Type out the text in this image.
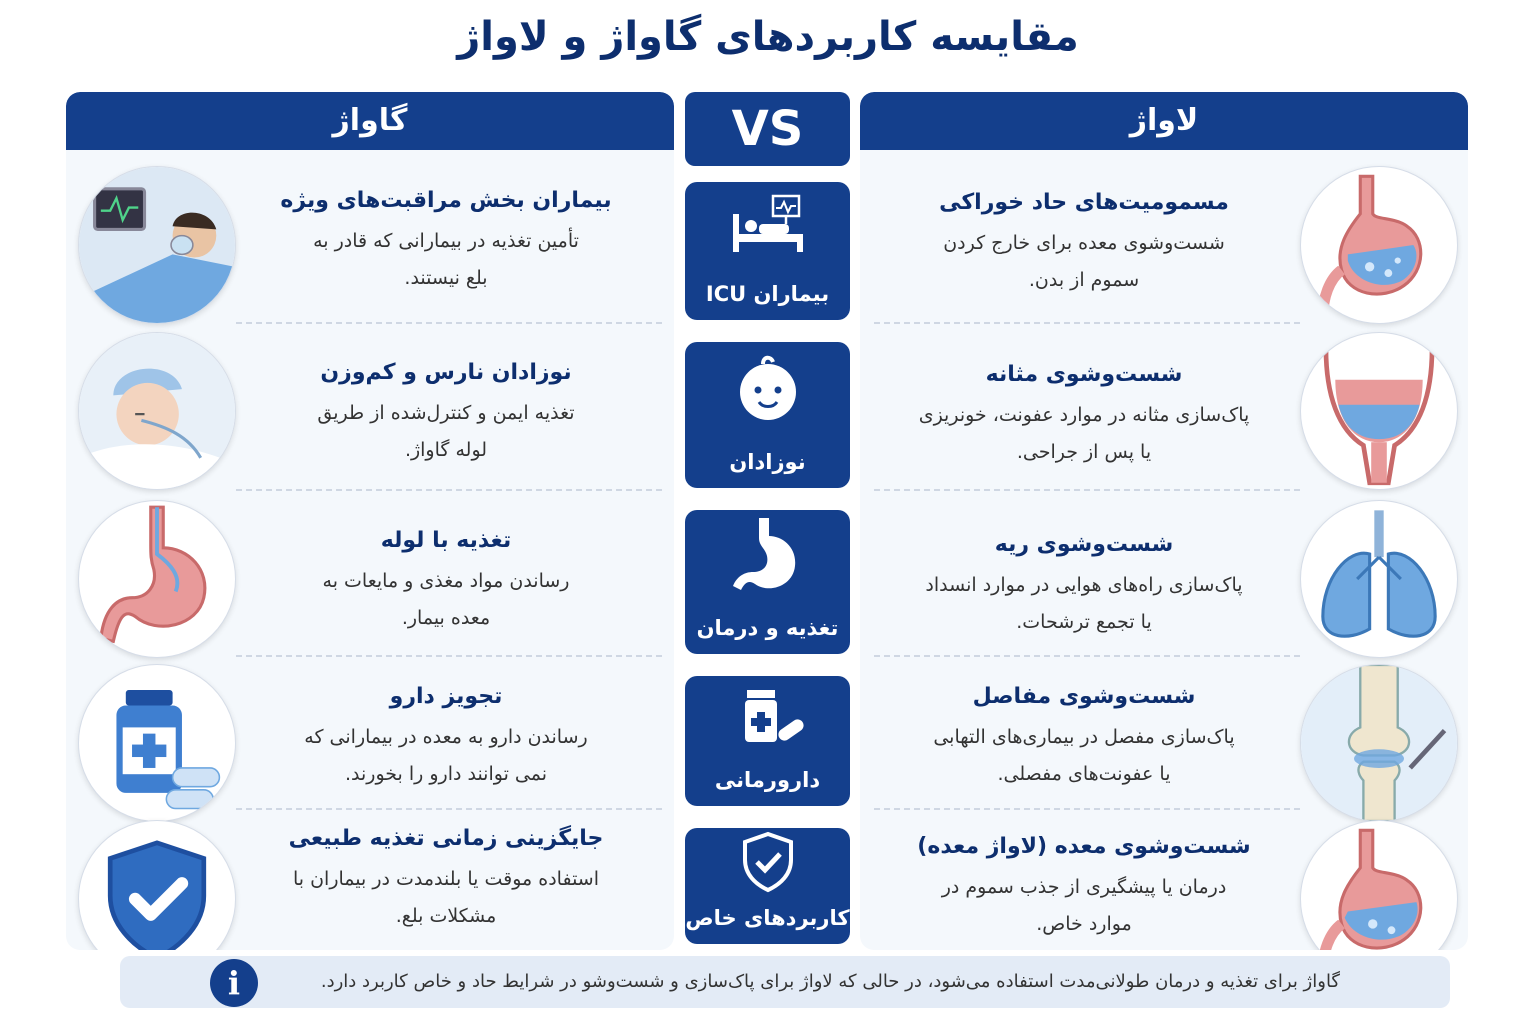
مقایسه کاربردهای گاواژ و لاواژ
لاواژ
مسمومیت‌های حاد خوراکی
شست‌وشوی معده برای خارج کردن
سموم از بدن.
شست‌وشوی مثانه
پاک‌سازی مثانه در موارد عفونت، خونریزی
یا پس از جراحی.
شست‌وشوی ریه
پاک‌سازی راه‌های هوایی در موارد انسداد
یا تجمع ترشحات.
شست‌وشوی مفاصل
پاک‌سازی مفصل در بیماری‌های التهابی
یا عفونت‌های مفصلی.
شست‌وشوی معده (لاواژ معده)
درمان یا پیشگیری از جذب سموم در
موارد خاص.
VS
بیماران ICU
نوزادان
تغذیه و درمان
دارورمانی
کاربردهای خاص
گاواژ
بیماران بخش مراقبت‌های ویژه
تأمین تغذیه در بیمارانی که قادر به
بلع نیستند.
نوزادان نارس و کم‌وزن
تغذیه ایمن و کنترل‌شده از طریق
لوله گاواژ.
تغذیه با لوله
رساندن مواد مغذی و مایعات به
معده بیمار.
تجویز دارو
رساندن دارو به معده در بیمارانی که
نمی توانند دارو را بخورند.
جایگزینی زمانی تغذیه طبیعی
استفاده موقت یا بلندمدت در بیماران با
مشکلات بلع.
i	گاواژ برای تغذیه و درمان طولانی‌مدت استفاده می‌شود، در حالی که لاواژ برای پاک‌سازی و شست‌وشو در شرایط حاد و خاص کاربرد دارد.
